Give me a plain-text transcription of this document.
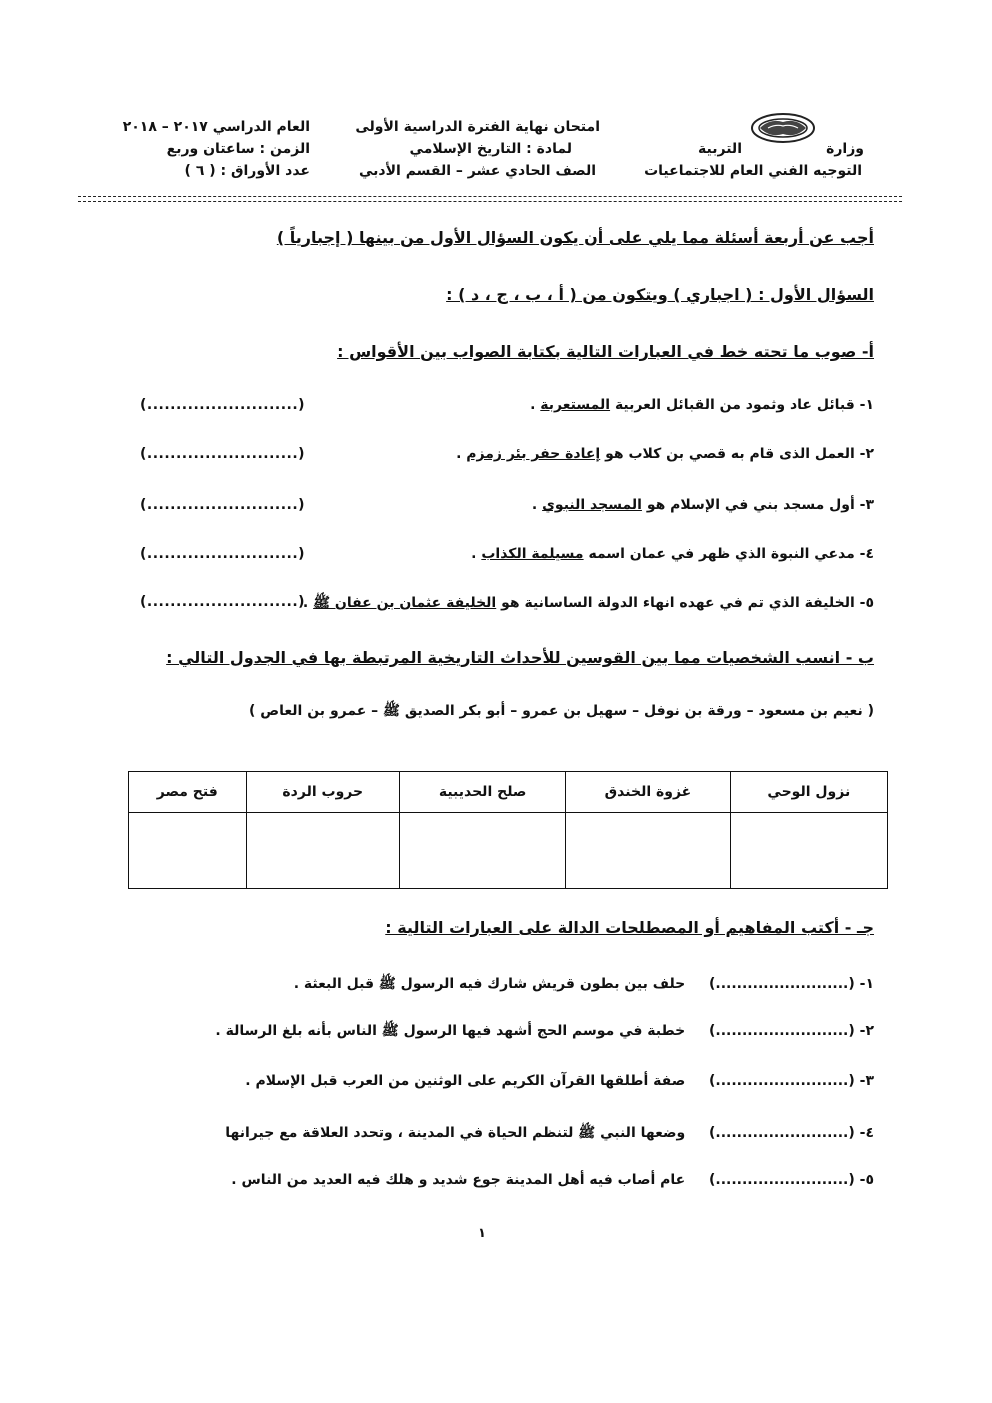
وزارة
التربية
التوجيه الفني العام للاجتماعيات
امتحان نهاية الفترة الدراسية الأولى
لمادة : التاريخ الإسلامي
الصف الحادي عشر – القسم الأدبي
العام الدراسي ٢٠١٧ – ٢٠١٨
الزمن : ساعتان وربع
عدد الأوراق : ( ٦ )
أجب عن أربعة أسئلة مما يلي على أن يكون السؤال الأول من بينها ( إجبارياً )
السؤال الأول : ( اجباري ) ويتكون من ( أ ، ب ، ج ، د ) :
أ- صوب ما تحته خط في العبارات التالية بكتابة الصواب بين الأقواس :
١- قبائل عاد وثمود من القبائل العربية المستعربة .
(..........................)
٢- العمل الذى قام به قصي بن كلاب هو إعادة حفر بئر زمزم .
(..........................)
٣- أول مسجد بني في الإسلام هو المسجد النبوي .
(..........................)
٤- مدعي النبوة الذي ظهر في عمان اسمه مسيلمة الكذاب .
(..........................)
٥- الخليفة الذي تم في عهده انهاء الدولة الساسانية هو الخليفة عثمان بن عفان ﷺ .
(..........................)
ب - انسب الشخصيات مما بين القوسين للأحداث التاريخية المرتبطة بها في الجدول التالي :
( نعيم بن مسعود – ورقة بن نوفل – سهيل بن عمرو – أبو بكر الصديق ﷺ – عمرو بن العاص )
نزول الوحي	غزوة الخندق	صلح الحديبية	حروب الردة	فتح مصر

جـ - أكتب المفاهيم أو المصطلحات الدالة على العبارات التالية :
١- (.........................)  حلف بين بطون قريش شارك فيه الرسول ﷺ قبل البعثة .
٢- (.........................)  خطبة في موسم الحج أشهد فيها الرسول ﷺ الناس بأنه بلغ الرسالة .
٣- (.........................)  صفة أطلقها القرآن الكريم على الوثنين من العرب قبل الإسلام .
٤- (.........................)  وضعها النبي ﷺ لتنظم الحياة في المدينة ، وتحدد العلاقة مع جيرانها
٥- (.........................)  عام أصاب فيه أهل المدينة جوع شديد و هلك فيه العديد من الناس .
١
